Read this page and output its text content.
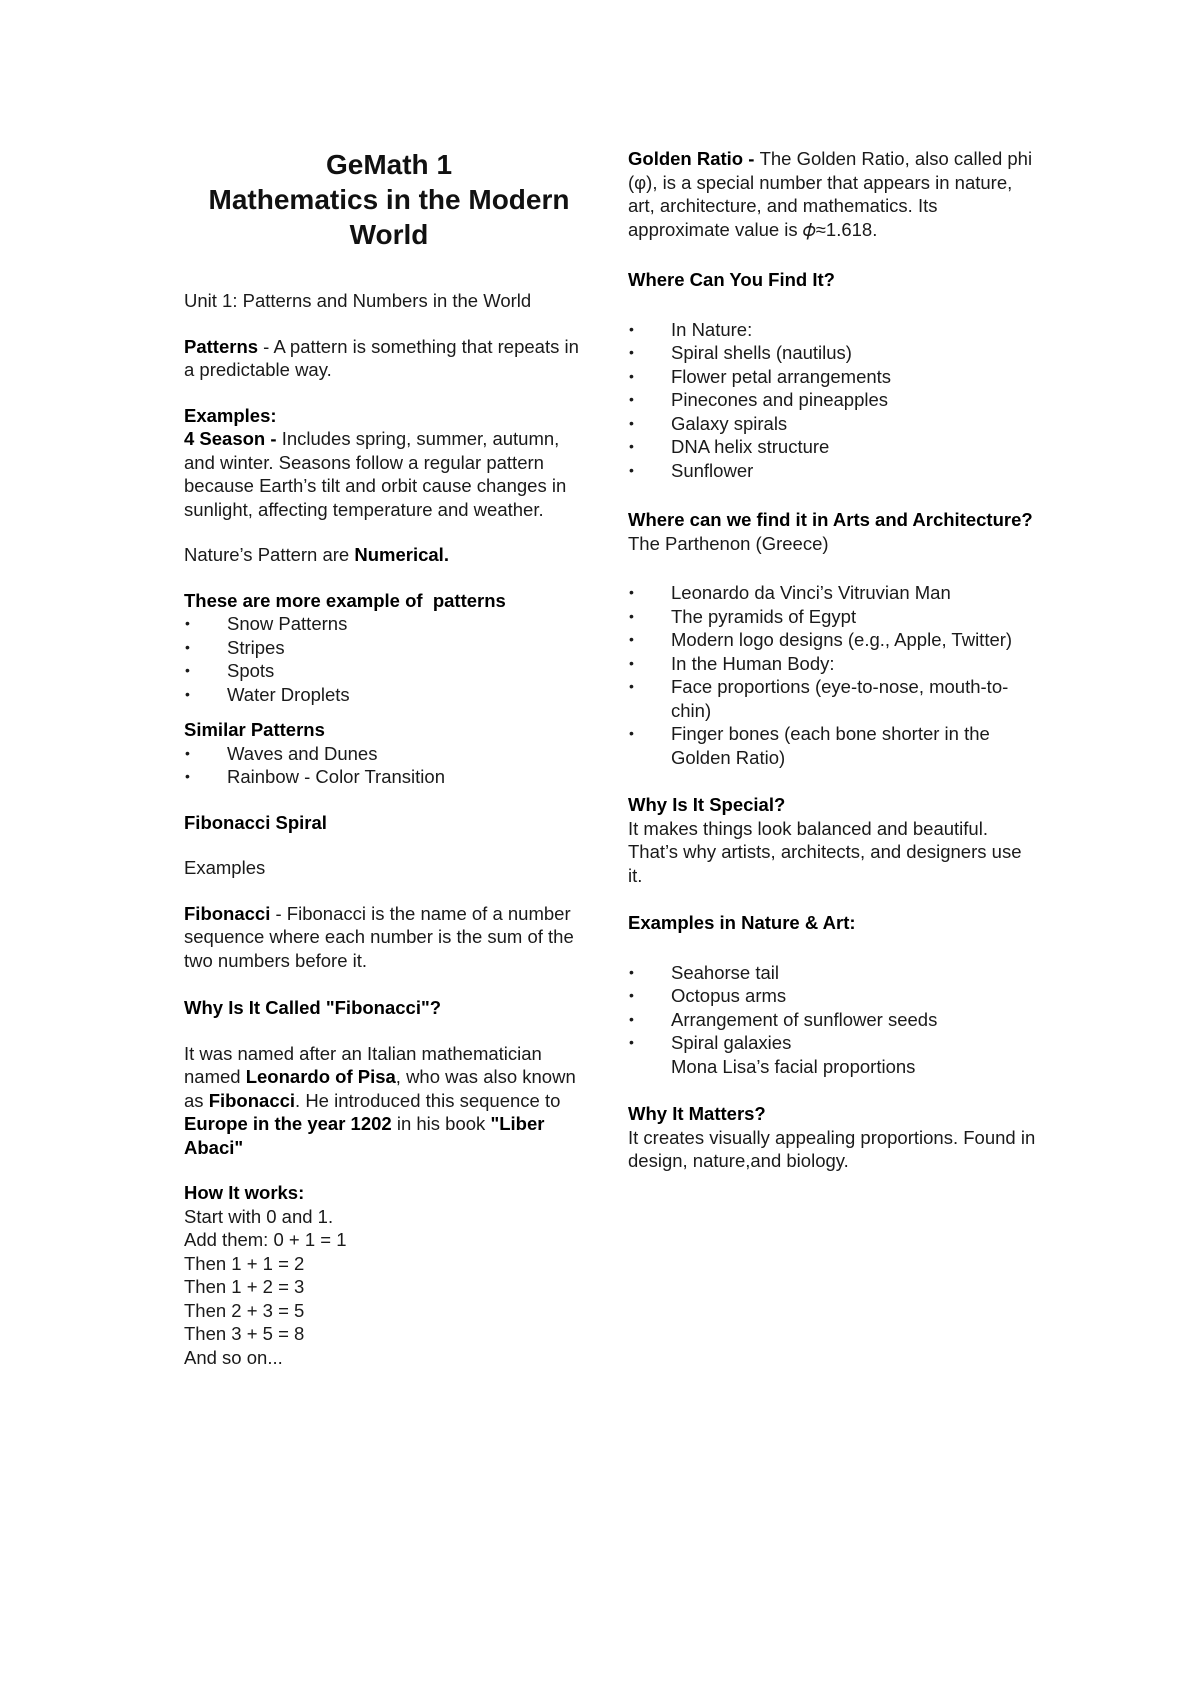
GeMath 1
Mathematics in the Modern
World

Unit 1: Patterns and Numbers in the World

Patterns - A pattern is something that repeats in a predictable way.

Examples:

4 Season - Includes spring, summer, autumn, and winter. Seasons follow a regular pattern because Earth’s tilt and orbit cause changes in sunlight, affecting temperature and weather.

Nature’s Pattern are Numerical.

These are more example of  patterns

• Snow Patterns
• Stripes
• Spots
• Water Droplets

Similar Patterns

• Waves and Dunes
• Rainbow - Color Transition

Fibonacci Spiral

Examples

Fibonacci - Fibonacci is the name of a number sequence where each number is the sum of the two numbers before it.

Why Is It Called "Fibonacci"?

It was named after an Italian mathematician named Leonardo of Pisa, who was also known as Fibonacci. He introduced this sequence to Europe in the year 1202 in his book "Liber Abaci"

How It works:

Start with 0 and 1.
Add them: 0 + 1 = 1
Then 1 + 1 = 2
Then 1 + 2 = 3
Then 2 + 3 = 5
Then 3 + 5 = 8
And so on...

Golden Ratio - The Golden Ratio, also called phi (φ), is a special number that appears in nature, art, architecture, and mathematics. Its approximate value is 𝜙≈1.618.

Where Can You Find It?

• In Nature:
• Spiral shells (nautilus)
• Flower petal arrangements
• Pinecones and pineapples
• Galaxy spirals
• DNA helix structure
• Sunflower

Where can we find it in Arts and Architecture?The Parthenon (Greece)

• Leonardo da Vinci’s Vitruvian Man
• The pyramids of Egypt
• Modern logo designs (e.g., Apple, Twitter)
• In the Human Body:
• Face proportions (eye-to-nose, mouth-to-chin)
• Finger bones (each bone shorter in the Golden Ratio)

Why Is It Special?

It makes things look balanced and beautiful. That’s why artists, architects, and designers use it.

Examples in Nature & Art:

• Seahorse tail
• Octopus arms
• Arrangement of sunflower seeds
• Spiral galaxies
Mona Lisa’s facial proportions

Why It Matters?

It creates visually appealing proportions. Found in design, nature,and biology.
